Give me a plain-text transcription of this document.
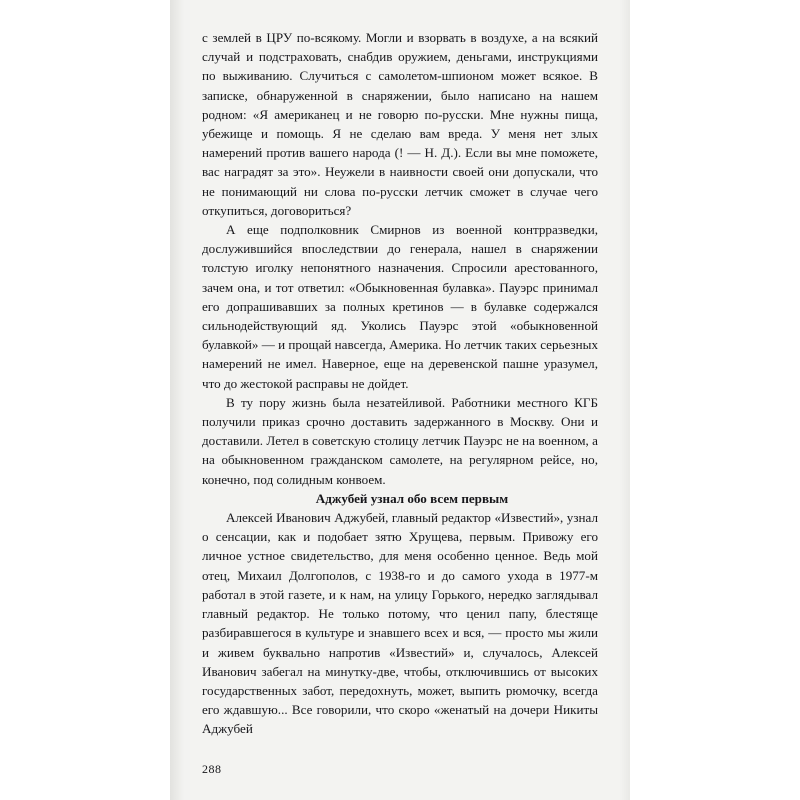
с землей в ЦРУ по-всякому. Могли и взорвать в воздухе, а на всякий случай и подстраховать, снабдив оружием, деньгами, инструкциями по выживанию. Случиться с самолетом-шпионом может всякое. В записке, обнаруженной в снаряжении, было написано на нашем родном: «Я американец и не говорю по-русски. Мне нужны пища, убежище и помощь. Я не сделаю вам вреда. У меня нет злых намерений против вашего народа (! — Н. Д.). Если вы мне поможете, вас наградят за это». Неужели в наивности своей они допускали, что не понимающий ни слова по-русски летчик сможет в случае чего откупиться, договориться?

А еще подполковник Смирнов из военной контрразведки, дослужившийся впоследствии до генерала, нашел в снаряжении толстую иголку непонятного назначения. Спросили арестованного, зачем она, и тот ответил: «Обыкновенная булавка». Пауэрс принимал его допрашивавших за полных кретинов — в булавке содержался сильнодействующий яд. Уколись Пауэрс этой «обыкновенной булавкой» — и прощай навсегда, Америка. Но летчик таких серьезных намерений не имел. Наверное, еще на деревенской пашне уразумел, что до жестокой расправы не дойдет.

В ту пору жизнь была незатейливой. Работники местного КГБ получили приказ срочно доставить задержанного в Москву. Они и доставили. Летел в советскую столицу летчик Пауэрс не на военном, а на обыкновенном гражданском самолете, на регулярном рейсе, но, конечно, под солидным конвоем.

Аджубей узнал обо всем первым

Алексей Иванович Аджубей, главный редактор «Известий», узнал о сенсации, как и подобает зятю Хрущева, первым. Привожу его личное устное свидетельство, для меня особенно ценное. Ведь мой отец, Михаил Долгополов, с 1938-го и до самого ухода в 1977-м работал в этой газете, и к нам, на улицу Горького, нередко заглядывал главный редактор. Не только потому, что ценил папу, блестяще разбиравшегося в культуре и знавшего всех и вся, — просто мы жили и живем буквально напротив «Известий» и, случалось, Алексей Иванович забегал на минутку-две, чтобы, отключившись от высоких государственных забот, передохнуть, может, выпить рюмочку, всегда его ждавшую... Все говорили, что скоро «женатый на дочери Никиты Аджубей

288
